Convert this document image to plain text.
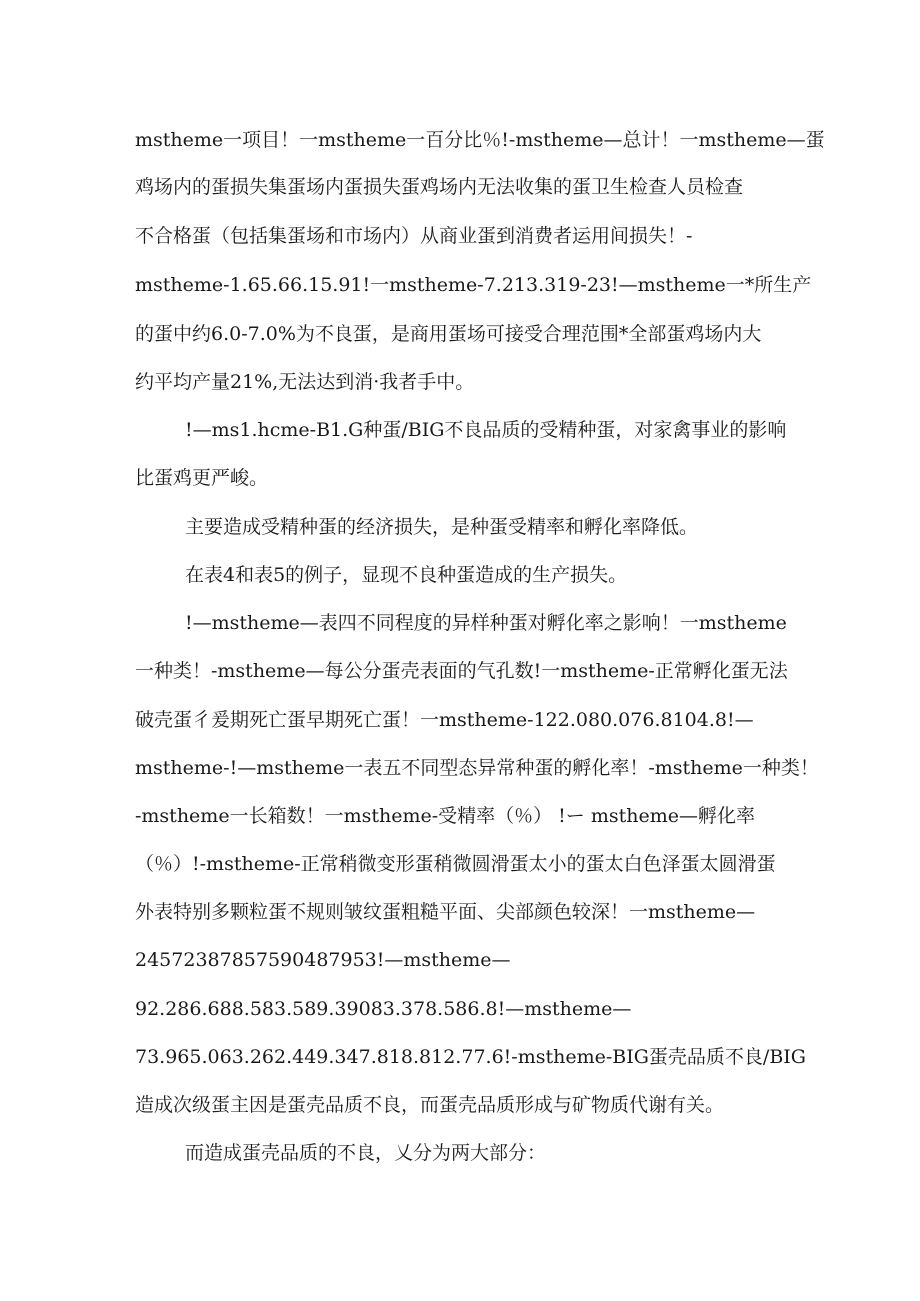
mstheme一项目！一mstheme一百分比％!-mstheme—总计！一mstheme—蛋
鸡场内的蛋损失集蛋场内蛋损失蛋鸡场内无法收集的蛋卫生检查人员检查
不合格蛋（包括集蛋场和市场内）从商业蛋到消费者运用间损失！-
mstheme-1.65.66.15.91!一mstheme-7.213.319-23!—mstheme一*所生产
的蛋中约6.0-7.0%为不良蛋，是商用蛋场可接受合理范围*全部蛋鸡场内大
约平均产量21%,无法达到消·我者手中。
!—ms1.hcme-B1.G种蛋/BIG不良品质的受精种蛋，对家禽事业的影响
比蛋鸡更严峻。
主要造成受精种蛋的经济损失，是种蛋受精率和孵化率降低。
在表4和表5的例子，显现不良种蛋造成的生产损失。
!—mstheme—表四不同程度的异样种蛋对孵化率之影响！一mstheme
一种类！-mstheme—每公分蛋壳表面的气孔数!一mstheme-正常孵化蛋无法
破壳蛋彳爰期死亡蛋早期死亡蛋！一mstheme-122.080.076.8104.8!—
mstheme-!—mstheme一表五不同型态异常种蛋的孵化率！-mstheme一种类！
-mstheme一长箱数！一mstheme-受精率（％） !ー mstheme—孵化率
（％）!-mstheme-正常稍微变形蛋稍微圆滑蛋太小的蛋太白色泽蛋太圆滑蛋
外表特别多颗粒蛋不规则皱纹蛋粗糙平面、尖部颜色较深！一mstheme—
24572387857590487953!—mstheme—
92.286.688.583.589.39083.378.586.8!—mstheme—
73.965.063.262.449.347.818.812.77.6!-mstheme-BIG蛋壳品质不良/BIG
造成次级蛋主因是蛋壳品质不良，而蛋壳品质形成与矿物质代谢有关。
而造成蛋壳品质的不良，乂分为两大部分：
